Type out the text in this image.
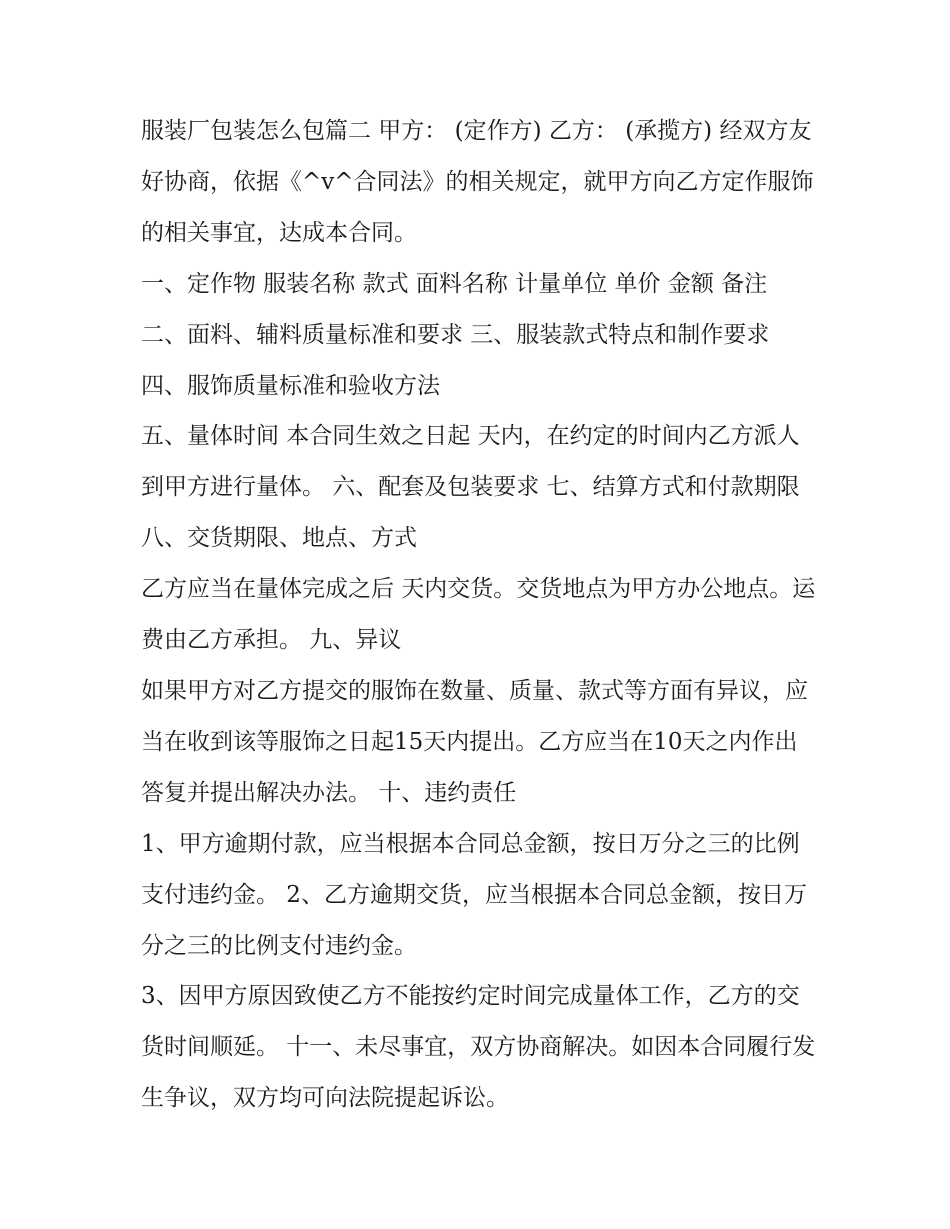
服装厂包装怎么包篇二 甲方： (定作方) 乙方： (承揽方) 经双方友好协商，依据《^v^合同法》的相关规定，就甲方向乙方定作服饰的相关事宜，达成本合同。

一、定作物 服装名称 款式 面料名称 计量单位 单价 金额 备注 二、面料、辅料质量标准和要求 三、服装款式特点和制作要求 四、服饰质量标准和验收方法

五、量体时间 本合同生效之日起 天内，在约定的时间内乙方派人到甲方进行量体。 六、配套及包装要求 七、结算方式和付款期限 八、交货期限、地点、方式

乙方应当在量体完成之后 天内交货。交货地点为甲方办公地点。运费由乙方承担。 九、异议

如果甲方对乙方提交的服饰在数量、质量、款式等方面有异议，应当在收到该等服饰之日起15天内提出。乙方应当在10天之内作出答复并提出解决办法。 十、违约责任

1、甲方逾期付款，应当根据本合同总金额，按日万分之三的比例支付违约金。 2、乙方逾期交货，应当根据本合同总金额，按日万分之三的比例支付违约金。

3、因甲方原因致使乙方不能按约定时间完成量体工作，乙方的交货时间顺延。 十一、未尽事宜，双方协商解决。如因本合同履行发生争议，双方均可向法院提起诉讼。
